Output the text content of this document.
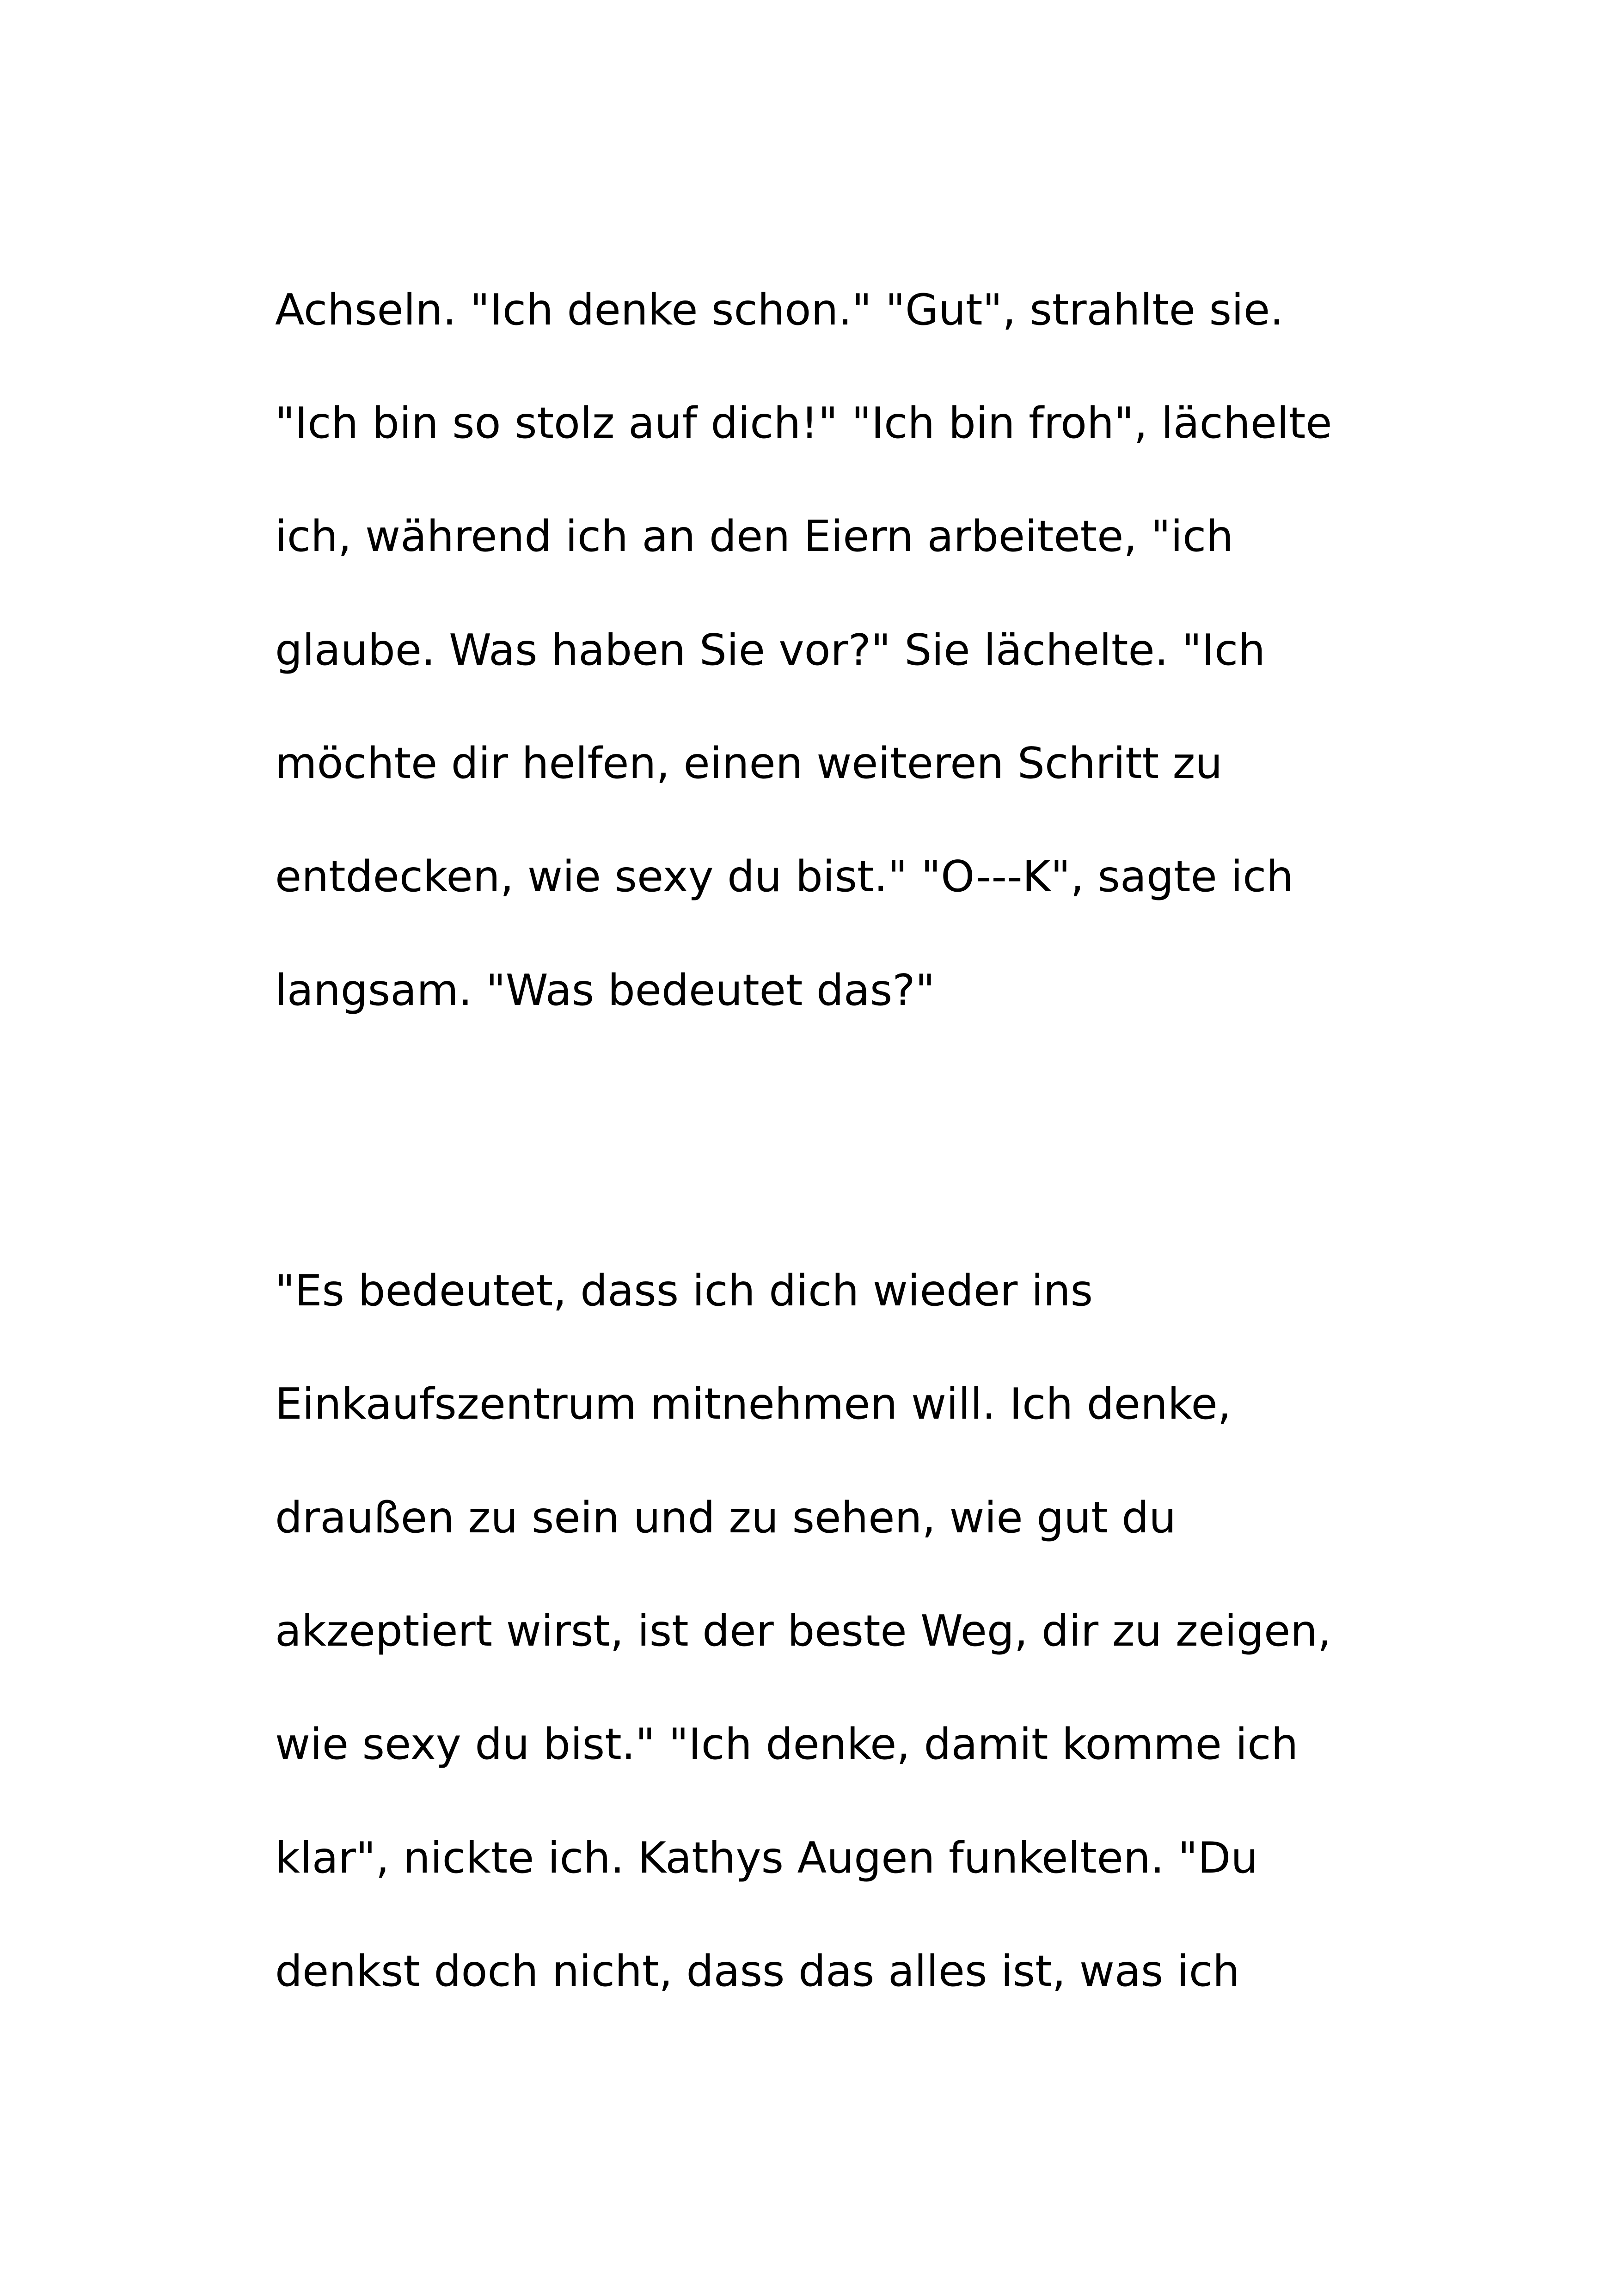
Achseln. "Ich denke schon." "Gut", strahlte sie.

"Ich bin so stolz auf dich!" "Ich bin froh", lächelte

ich, während ich an den Eiern arbeitete, "ich

glaube. Was haben Sie vor?" Sie lächelte. "Ich

möchte dir helfen, einen weiteren Schritt zu

entdecken, wie sexy du bist." "O---K", sagte ich

langsam. "Was bedeutet das?"

"Es bedeutet, dass ich dich wieder ins

Einkaufszentrum mitnehmen will. Ich denke,

draußen zu sein und zu sehen, wie gut du

akzeptiert wirst, ist der beste Weg, dir zu zeigen,

wie sexy du bist." "Ich denke, damit komme ich

klar", nickte ich. Kathys Augen funkelten. "Du

denkst doch nicht, dass das alles ist, was ich
